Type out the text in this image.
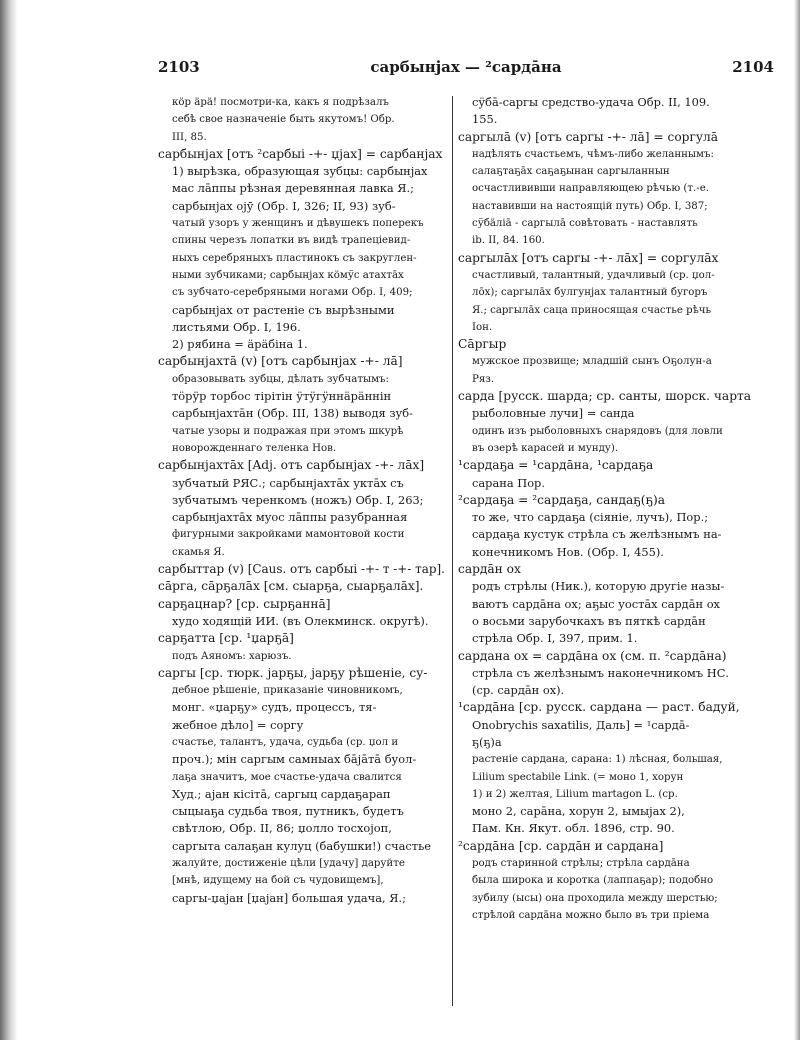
2103	сарбынјах — ²сардāна	2104
кöр äрä! посмотри-ка, какъ я подрѣзалъ
себѣ свое назначенiе быть якутомъ! Обр.
III, 85.
сарбынјах [отъ ²сарбыі -+- џјах] = сарбанјах
1) вырѣзка, образующая зубцы: сарбынјах
мас лāппы рѣзная деревянная лавка Я.;
сарбынјах ојӯ (Обр. I, 326; II, 93) зуб-
чатый узоръ у женщинъ и дѣвушекъ поперекъ
спины черезъ лопатки въ видѣ трапецiевид-
ныхъ серебряныхъ пластинокъ съ закруглен-
ными зубчиками; сарбынјах кöмӱс атахтāх
съ зубчато-серебряными ногами Обр. I, 409;
сарбынјах от растенiе съ вырѣзными
листьями Обр. I, 196.
2) рябина = äрäбiна 1.
сарбынјахтā (v) [отъ сарбынјах -+- лā]
образовывать зубцы, дѣлать зубчатымъ:
тöрӱр торбос тiрiтiн ӱтӱгӱннäрäннiн
сарбынјахтāн (Обр. III, 138) выводя зуб-
чатые узоры и подражая при этомъ шкурѣ
новорожденнаго теленка Нов.
сарбынјахтāх [Adj. отъ сарбынјах -+- лāх]
зубчатый РЯС.; сарбынјахтāх уктāх съ
зубчатымъ черенкомъ (ножъ) Обр. I, 263;
сарбынјахтāх муос лāппы разубранная
фигурными закройками мамонтовой кости
скамья Я.
сарбыттар (v) [Caus. отъ сарбыі -+- т -+- тар].
сāрга, сāрҕалāх [см. сыарҕа, сыарҕалāх].
сарҕацнар? [ср. сырҕаннā]
худо ходящiй ИИ. (въ Олекминск. округѣ).
сарҕатта [ср. ¹џарҕā]
подъ Аяномъ: харюзъ.
саргы [ср. тюрк. јарҕы, јарҕу рѣшенiе, су-
дебное рѣшенiе, приказанiе чиновникомъ,
монг. «џарҕу» судъ, процессъ, тя-
жебное дѣло] = соргу
счастье, талантъ, удача, судьба (ср. џол и
проч.); мiн саргым самныах бāјāтā буол-
лаҕа значитъ, мое счастье-удача свалится
Худ.; ајан кiсiтā, саргыц сардаҕарап
сыцыаҕа судьба твоя, путникъ, будетъ
свѣтлою, Обр. II, 86; џолло тосхојоп,
саргыта салаҕан кулуц (бабушки!) счастье
жалуйте, достиженiе цѣли [удачу] даруйте
[мнѣ, идущему на бой съ чудовищемъ],
саргы-џајан [џајан] большая удача, Я.;
сӱбā-саргы средство-удача Обр. II, 109.
155.
саргылā (v) [отъ саргы -+- лā] = соргулā
надѣлять счастьемъ, чѣмъ-либо желаннымъ:
салаҕтаҕāх саҕаҕынан саргыланнын
осчастлививши направляющею рѣчью (т.-е.
наставивши на настоящiй путь) Обр. I, 387;
сӱбäлiā - саргылā совѣтовать - наставлять
ib. II, 84. 160.
саргылāх [отъ саргы -+- лāх] = соргулāх
счастливый, талантный, удачливый (ср. џол-
лōх); саргылāх булгунјах талантный бугоръ
Я.; саргылāх саца приносящая счастье рѣчь
Іон.
Сāргыр
мужское прозвище; младшiй сынъ Оҕолун-а
Ряз.
сарда [русск. шарда; ср. санты, шорск. чарта
рыболовные лучи] = санда
одинъ изъ рыболовныхъ снарядовъ (для ловли
въ озерѣ карасей и мунду).
¹сардаҕа = ¹сардāна, ¹сардаҕа
сарана Пор.
²сардаҕа = ²сардаҕа, сандаҕ(ҕ)а
то же, что сардаҕа (сiянiе, лучъ), Пор.;
сардаҕа кустук стрѣла съ желѣзнымъ на-
конечникомъ Нов. (Обр. I, 455).
сардāн ох
родъ стрѣлы (Ник.), которую другiе назы-
ваютъ сардāна ох; аҕыс уостāх сардāн ох
о восьми зарубочкахъ въ пяткѣ сардāн
стрѣла Обр. I, 397, прим. 1.
сардана ох = сардāна ох (см. п. ²сардāна)
стрѣла съ желѣзнымъ наконечникомъ НС.
(ср. сардāн ох).
¹сардāна [ср. русск. сардана — раст. бадуй,
Onobrychis saxatilis, Даль] = ¹сардā-
ҕ(ҕ)а
растенiе сардана, сарана: 1) лѣсная, большая,
Lilium spectabile Link. (= моно 1, хорун
1) и 2) желтая, Lilium martagon L. (ср.
моно 2, сарāна, хорун 2, ымыјах 2),
Пам. Кн. Якут. обл. 1896, стр. 90.
²сардāна [ср. сардāн и сардана]
родъ старинной стрѣлы; стрѣла сардāна
была широка и коротка (лаппаҕар); подобно
зубилу (ысы) она проходила между шерстью;
стрѣлой сардāна можно было въ три прiема
